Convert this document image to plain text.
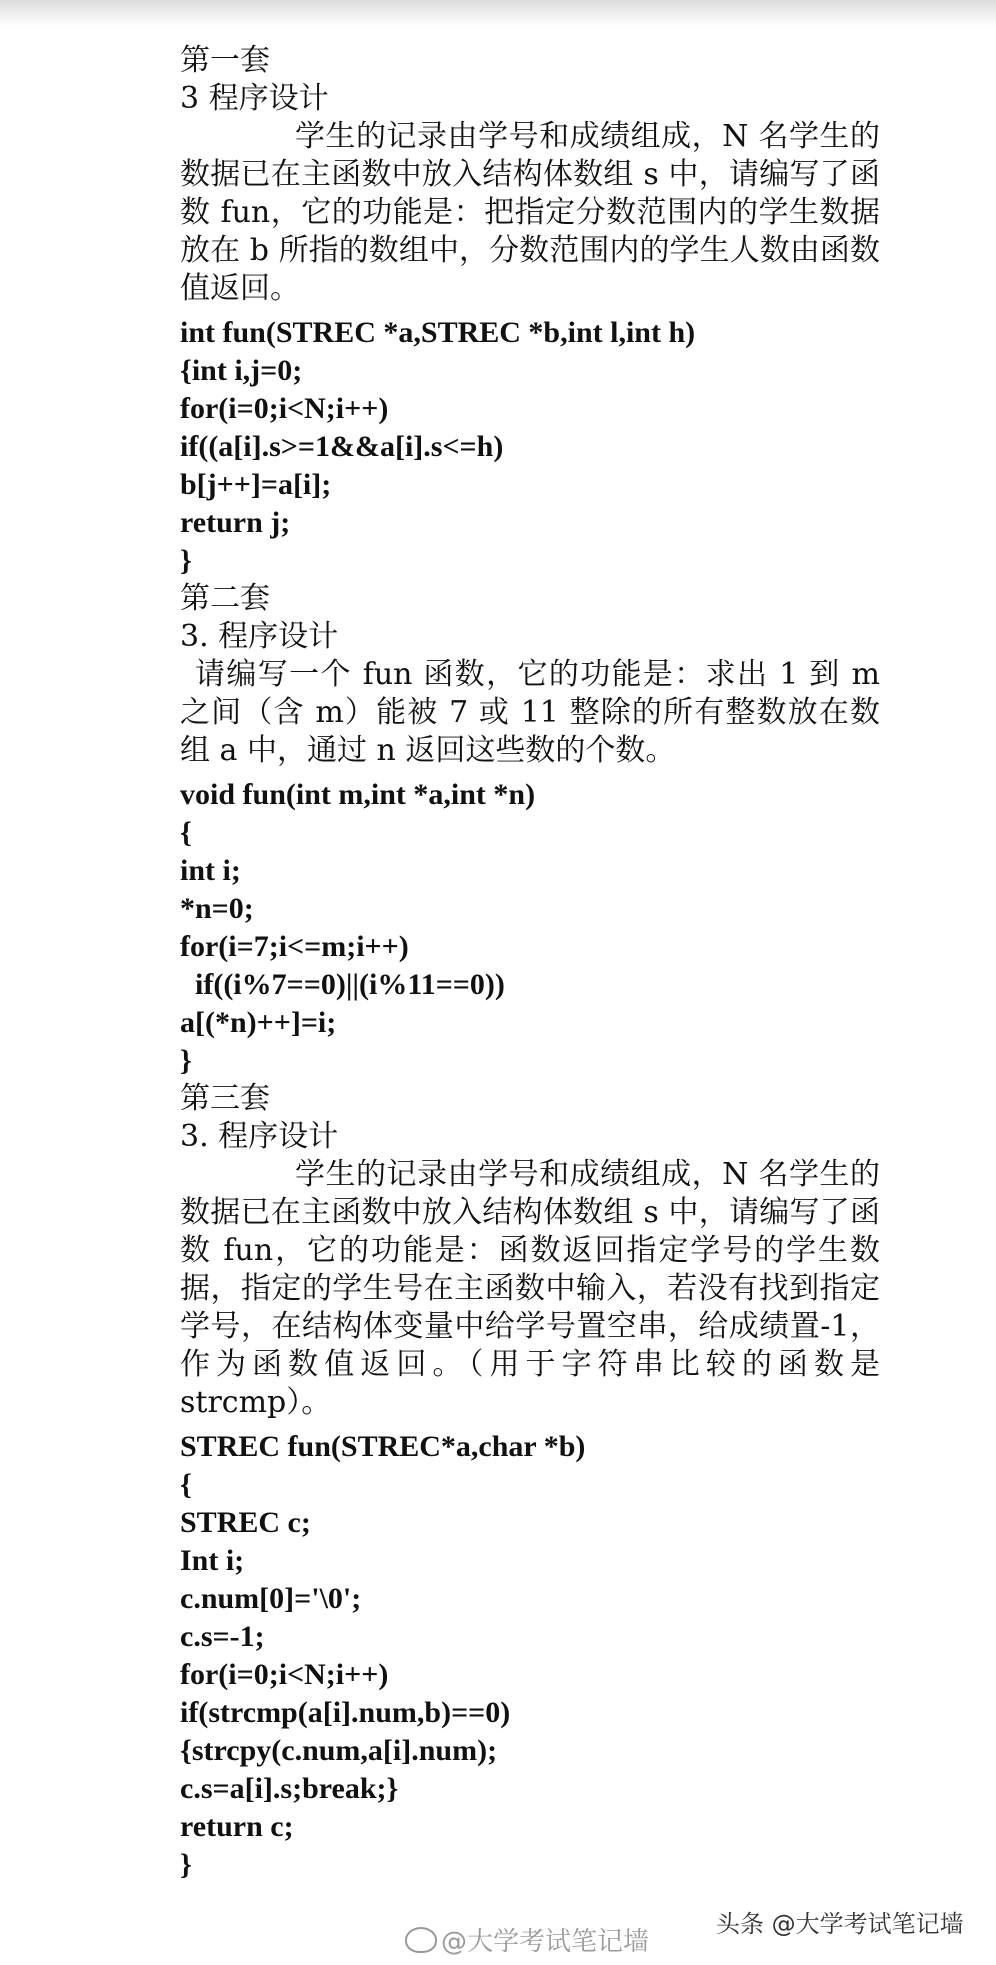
第一套
3 程序设计
学生的记录由学号和成绩组成，N 名学生的数据已在主函数中放入结构体数组 s 中，请编写了函数 fun，它的功能是：把指定分数范围内的学生数据放在 b 所指的数组中，分数范围内的学生人数由函数值返回。
int fun(STREC *a,STREC *b,int l,int h)
{int i,j=0;
for(i=0;i<N;i++)
if((a[i].s>=1&&a[i].s<=h)
b[j++]=a[i];
return j;
}
第二套
3. 程序设计
请编写一个 fun 函数，它的功能是：求出 1 到 m 之间（含 m）能被 7 或 11 整除的所有整数放在数组 a 中，通过 n 返回这些数的个数。
void fun(int m,int *a,int *n)
{
int i;
*n=0;
for(i=7;i<=m;i++)
if((i%7==0)||(i%11==0))
a[(*n)++]=i;
}
第三套
3. 程序设计
学生的记录由学号和成绩组成，N 名学生的数据已在主函数中放入结构体数组 s 中，请编写了函数 fun，它的功能是：函数返回指定学号的学生数据，指定的学生号在主函数中输入，若没有找到指定学号，在结构体变量中给学号置空串，给成绩置-1，作为函数值返回。（用于字符串比较的函数是 strcmp）。
STREC fun(STREC*a,char *b)
{
STREC c;
Int i;
c.num[0]='\0';
c.s=-1;
for(i=0;i<N;i++)
if(strcmp(a[i].num,b)==0)
{strcpy(c.num,a[i].num);
c.s=a[i].s;break;}
return c;
}
@大学考试笔记墙
头条 @大学考试笔记墙
